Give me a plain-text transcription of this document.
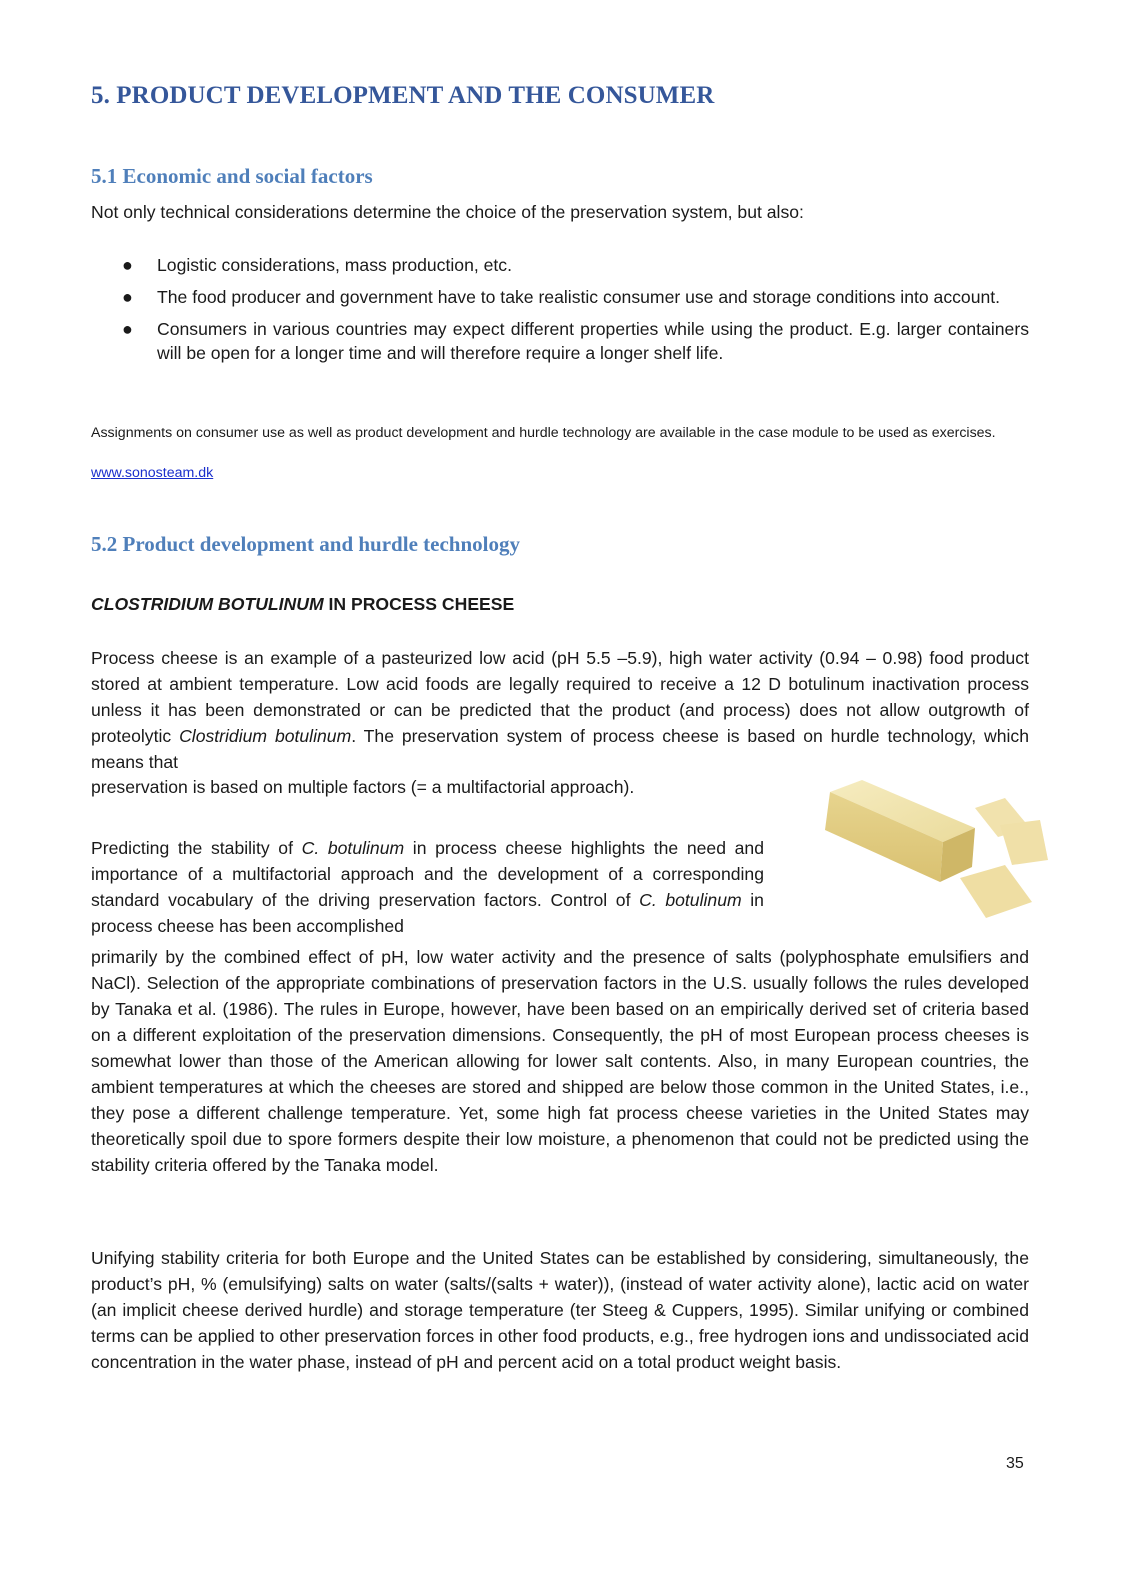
5. PRODUCT DEVELOPMENT AND THE CONSUMER
5.1 Economic and social factors

Not only technical considerations determine the choice of the preservation system, but also:

● Logistic considerations, mass production, etc.
● The food producer and government have to take realistic consumer use and storage conditions into account.
● Consumers in various countries may expect different properties while using the product. E.g. larger containers will be open for a longer time and will therefore require a longer shelf life.

Assignments on consumer use as well as product development and hurdle technology are available in the case module to be used as exercises.

www.sonosteam.dk
5.2 Product development and hurdle technology

CLOSTRIDIUM BOTULINUM IN PROCESS CHEESE

Process cheese is an example of a pasteurized low acid (pH 5.5 –5.9), high water activity (0.94 – 0.98) food product stored at ambient temperature. Low acid foods are legally required to receive a 12 D botulinum inactivation process unless it has been demonstrated or can be predicted that the product (and process) does not allow outgrowth of proteolytic Clostridium botulinum. The preservation system of process cheese is based on hurdle technology, which means that

preservation is based on multiple factors (= a multifactorial approach).

Predicting the stability of C. botulinum in process cheese highlights the need and importance of a multifactorial approach and the development of a corresponding standard vocabulary of the driving preservation factors. Control of C. botulinum in process cheese has been accomplished

primarily by the combined effect of pH, low water activity and the presence of salts (polyphosphate emulsifiers and NaCl). Selection of the appropriate combinations of preservation factors in the U.S. usually follows the rules developed by Tanaka et al. (1986). The rules in Europe, however, have been based on an empirically derived set of criteria based on a different exploitation of the preservation dimensions. Consequently, the pH of most European process cheeses is somewhat lower than those of the American allowing for lower salt contents. Also, in many European countries, the ambient temperatures at which the cheeses are stored and shipped are below those common in the United States, i.e., they pose a different challenge temperature. Yet, some high fat process cheese varieties in the United States may theoretically spoil due to spore formers despite their low moisture, a phenomenon that could not be predicted using the stability criteria offered by the Tanaka model.

Unifying stability criteria for both Europe and the United States can be established by considering, simultaneously, the product’s pH, % (emulsifying) salts on water (salts/(salts + water)), (instead of water activity alone), lactic acid on water (an implicit cheese derived hurdle) and storage temperature (ter Steeg & Cuppers, 1995). Similar unifying or combined terms can be applied to other preservation forces in other food products, e.g., free hydrogen ions and undissociated acid concentration in the water phase, instead of pH and percent acid on a total product weight basis.

35
